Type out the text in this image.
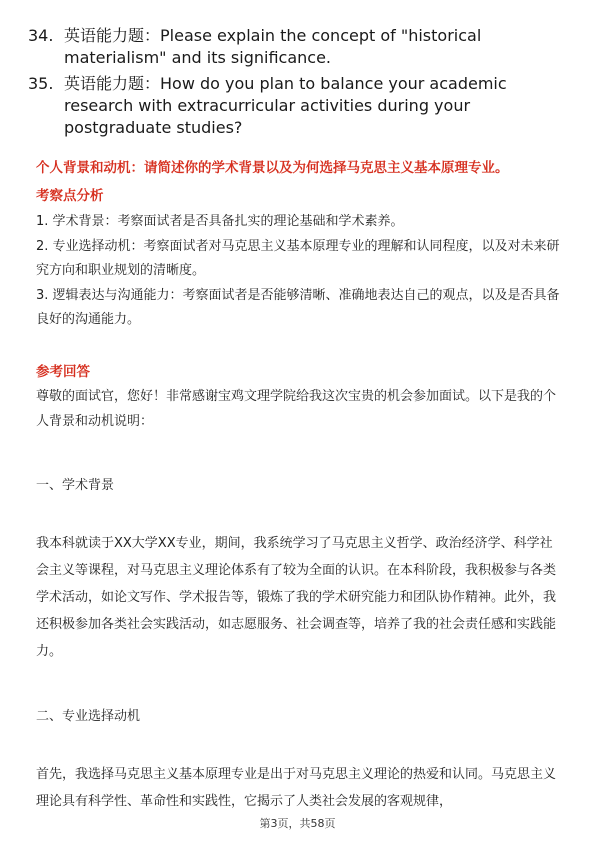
34. 英语能力题：Please explain the concept of "historical materialism" and its significance.
35. 英语能力题：How do you plan to balance your academic research with extracurricular activities during your postgraduate studies?
个人背景和动机：请简述你的学术背景以及为何选择马克思主义基本原理专业。
考察点分析
1. 学术背景：考察面试者是否具备扎实的理论基础和学术素养。
2. 专业选择动机：考察面试者对马克思主义基本原理专业的理解和认同程度，以及对未来研究方向和职业规划的清晰度。
3. 逻辑表达与沟通能力：考察面试者是否能够清晰、准确地表达自己的观点，以及是否具备良好的沟通能力。
参考回答
尊敬的面试官，您好！非常感谢宝鸡文理学院给我这次宝贵的机会参加面试。以下是我的个人背景和动机说明：
一、学术背景
我本科就读于XX大学XX专业，期间，我系统学习了马克思主义哲学、政治经济学、科学社会主义等课程，对马克思主义理论体系有了较为全面的认识。在本科阶段，我积极参与各类学术活动，如论文写作、学术报告等，锻炼了我的学术研究能力和团队协作精神。此外，我还积极参加各类社会实践活动，如志愿服务、社会调查等，培养了我的社会责任感和实践能力。
二、专业选择动机
首先，我选择马克思主义基本原理专业是出于对马克思主义理论的热爱和认同。马克思主义理论具有科学性、革命性和实践性，它揭示了人类社会发展的客观规律，
第3页，共58页
